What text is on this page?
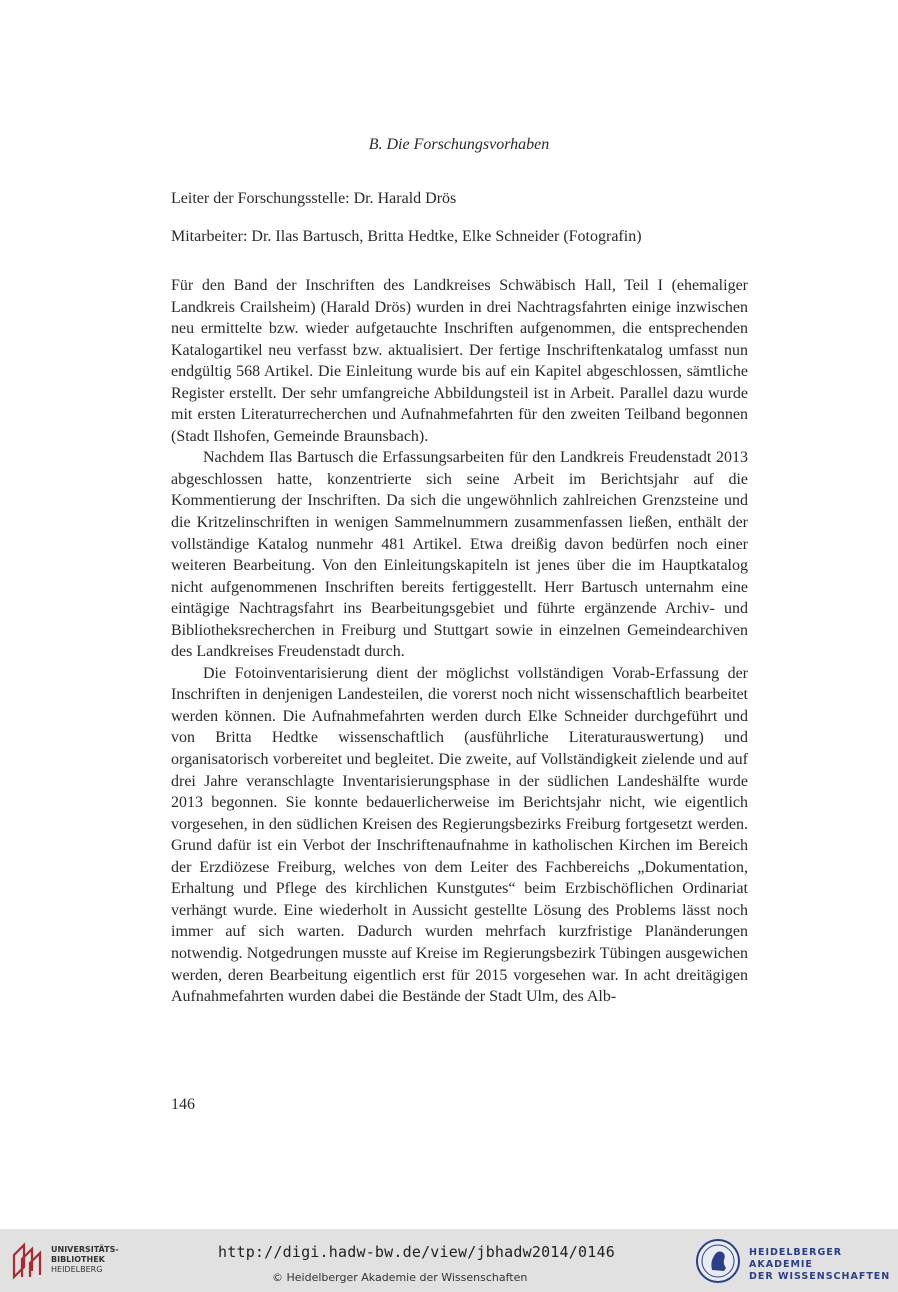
B. Die Forschungsvorhaben
Leiter der Forschungsstelle: Dr. Harald Drös
Mitarbeiter: Dr. Ilas Bartusch, Britta Hedtke, Elke Schneider (Fotografin)

Für den Band der Inschriften des Landkreises Schwäbisch Hall, Teil I (ehemaliger Landkreis Crailsheim) (Harald Drös) wurden in drei Nachtragsfahrten einige inzwischen neu ermittelte bzw. wieder aufgetauchte Inschriften aufgenommen, die entsprechenden Katalogartikel neu verfasst bzw. aktualisiert. Der fertige Inschriftenkatalog umfasst nun endgültig 568 Artikel. Die Einleitung wurde bis auf ein Kapitel abgeschlossen, sämtliche Register erstellt. Der sehr umfangreiche Abbildungsteil ist in Arbeit. Parallel dazu wurde mit ersten Literaturrecherchen und Aufnahmefahrten für den zweiten Teilband begonnen (Stadt Ilshofen, Gemeinde Braunsbach).

Nachdem Ilas Bartusch die Erfassungsarbeiten für den Landkreis Freudenstadt 2013 abgeschlossen hatte, konzentrierte sich seine Arbeit im Berichtsjahr auf die Kommentierung der Inschriften. Da sich die ungewöhnlich zahlreichen Grenzsteine und die Kritzelinschriften in wenigen Sammelnummern zusammenfassen ließen, enthält der vollständige Katalog nunmehr 481 Artikel. Etwa dreißig davon bedürfen noch einer weiteren Bearbeitung. Von den Einleitungskapiteln ist jenes über die im Hauptkatalog nicht aufgenommenen Inschriften bereits fertiggestellt. Herr Bartusch unternahm eine eintägige Nachtragsfahrt ins Bearbeitungsgebiet und führte ergänzende Archiv- und Bibliotheksrecherchen in Freiburg und Stuttgart sowie in einzelnen Gemeindearchiven des Landkreises Freudenstadt durch.

Die Fotoinventarisierung dient der möglichst vollständigen Vorab-Erfassung der Inschriften in denjenigen Landesteilen, die vorerst noch nicht wissenschaftlich bearbeitet werden können. Die Aufnahmefahrten werden durch Elke Schneider durchgeführt und von Britta Hedtke wissenschaftlich (ausführliche Literaturauswertung) und organisatorisch vorbereitet und begleitet. Die zweite, auf Vollständigkeit zielende und auf drei Jahre veranschlagte Inventarisierungsphase in der südlichen Landeshälfte wurde 2013 begonnen. Sie konnte bedauerlicherweise im Berichtsjahr nicht, wie eigentlich vorgesehen, in den südlichen Kreisen des Regierungsbezirks Freiburg fortgesetzt werden. Grund dafür ist ein Verbot der Inschriftenaufnahme in katholischen Kirchen im Bereich der Erzdiözese Freiburg, welches von dem Leiter des Fachbereichs „Dokumentation, Erhaltung und Pflege des kirchlichen Kunstgutes“ beim Erzbischöflichen Ordinariat verhängt wurde. Eine wiederholt in Aussicht gestellte Lösung des Problems lässt noch immer auf sich warten. Dadurch wurden mehrfach kurzfristige Planänderungen notwendig. Notgedrungen musste auf Kreise im Regierungsbezirk Tübingen ausgewichen werden, deren Bearbeitung eigentlich erst für 2015 vorgesehen war. In acht dreitägigen Aufnahmefahrten wurden dabei die Bestände der Stadt Ulm, des Alb-

146
UNIVERSITÄTS-
BIBLIOTHEK
HEIDELBERG
http://digi.hadw-bw.de/view/jbhadw2014/0146
© Heidelberger Akademie der Wissenschaften
HEIDELBERGER AKADEMIE
DER WISSENSCHAFTEN
